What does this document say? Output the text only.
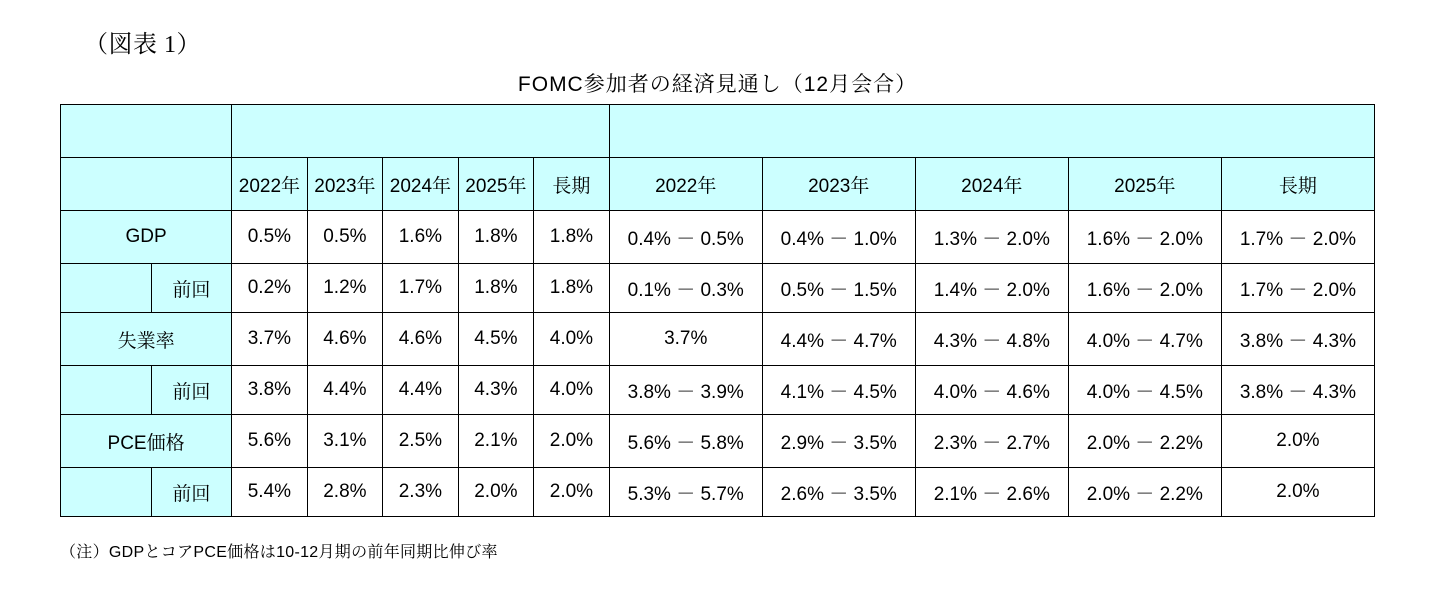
（図表 1）
FOMC参加者の経済見通し（12月会合）

		2022年	2023年	2024年	2025年	長期	2022年	2023年	2024年	2025年	長期
GDP		0.5%	0.5%	1.6%	1.8%	1.8%	0.4% － 0.5%	0.4% － 1.0%	1.3% － 2.0%	1.6% － 2.0%	1.7% － 2.0%
	前回	0.2%	1.2%	1.7%	1.8%	1.8%	0.1% － 0.3%	0.5% － 1.5%	1.4% － 2.0%	1.6% － 2.0%	1.7% － 2.0%
失業率		3.7%	4.6%	4.6%	4.5%	4.0%	3.7%	4.4% － 4.7%	4.3% － 4.8%	4.0% － 4.7%	3.8% － 4.3%
	前回	3.8%	4.4%	4.4%	4.3%	4.0%	3.8% － 3.9%	4.1% － 4.5%	4.0% － 4.6%	4.0% － 4.5%	3.8% － 4.3%
PCE価格		5.6%	3.1%	2.5%	2.1%	2.0%	5.6% － 5.8%	2.9% － 3.5%	2.3% － 2.7%	2.0% － 2.2%	2.0%
	前回	5.4%	2.8%	2.3%	2.0%	2.0%	5.3% － 5.7%	2.6% － 3.5%	2.1% － 2.6%	2.0% － 2.2%	2.0%
（注）GDPとコアPCE価格は10-12月期の前年同期比伸び率
